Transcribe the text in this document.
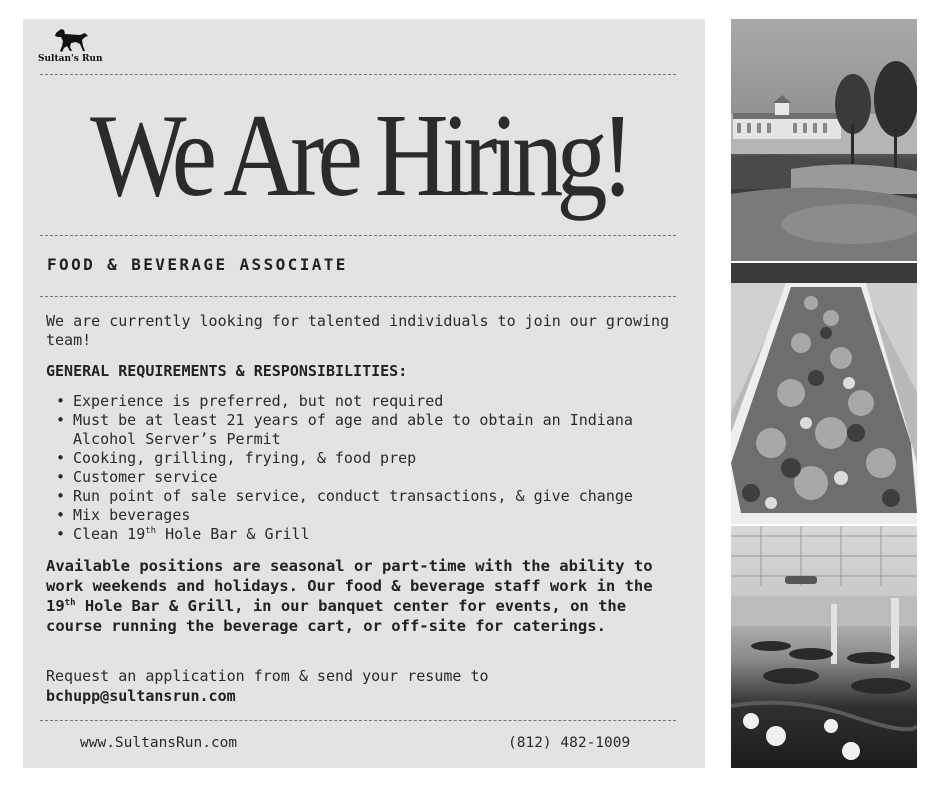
Sultan's Run
We Are Hiring!
FOOD & BEVERAGE ASSOCIATE
We are currently looking for talented individuals to join our growing team!
GENERAL REQUIREMENTS & RESPONSIBILITIES:
• Experience is preferred, but not required
• Must be at least 21 years of age and able to obtain an Indiana Alcohol Server’s Permit
• Cooking, grilling, frying, & food prep
• Customer service
• Run point of sale service, conduct transactions, & give change
• Mix beverages
• Clean 19th Hole Bar & Grill
Available positions are seasonal or part-time with the ability to work weekends and holidays. Our food & beverage staff work in the 19th Hole Bar & Grill, in our banquet center for events, on the course running the beverage cart, or off-site for caterings.
Request an application from & send your resume to
bchupp@sultansrun.com
www.SultansRun.com	(812) 482-1009
